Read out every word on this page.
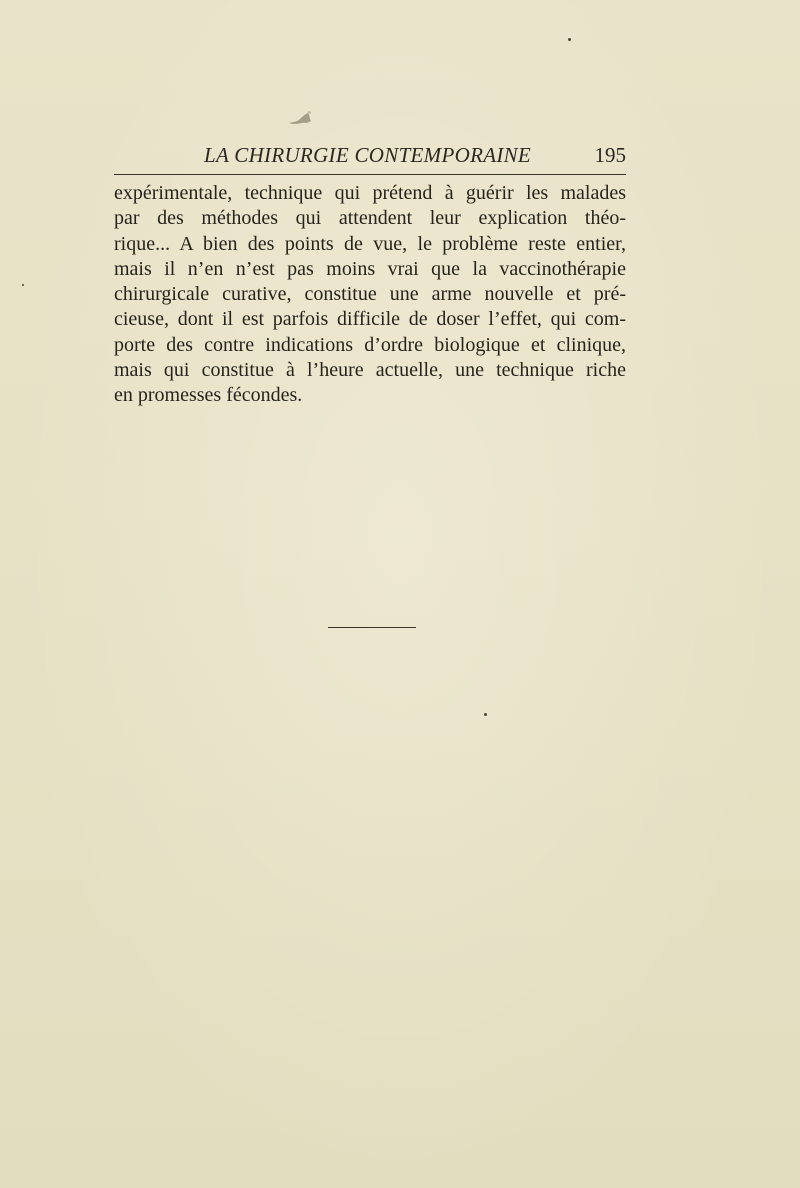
LA CHIRURGIE CONTEMPORAINE	195
expérimentale, technique qui prétend à guérir les malades
par des méthodes qui attendent leur explication théo-
rique... A bien des points de vue, le problème reste entier,
mais il n’en n’est pas moins vrai que la vaccinothérapie
chirurgicale curative, constitue une arme nouvelle et pré-
cieuse, dont il est parfois difficile de doser l’effet, qui com-
porte des contre indications d’ordre biologique et clinique,
mais qui constitue à l’heure actuelle, une technique riche
en promesses fécondes.
